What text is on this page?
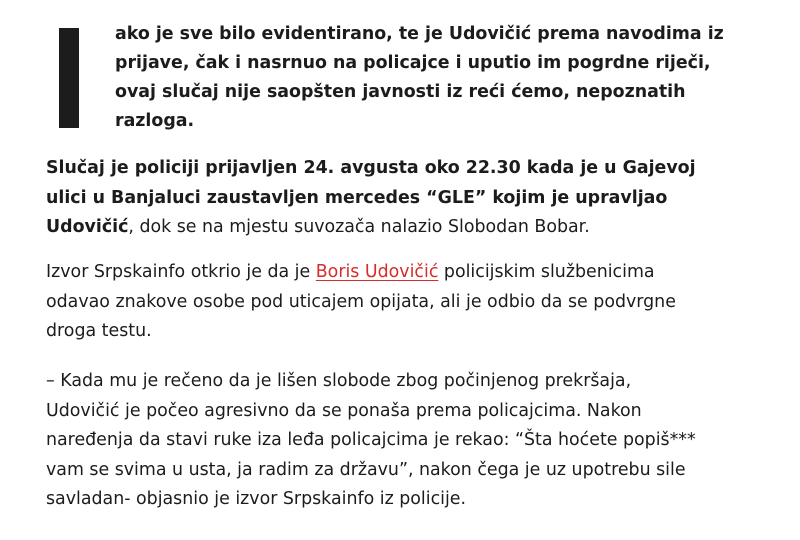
ako je sve bilo evidentirano, te je Udovičić prema navodima iz
prijave, čak i nasrnuo na policajce i uputio im pogrdne riječi,
ovaj slučaj nije saopšten javnosti iz reći ćemo, nepoznatih
razloga.

Slučaj je policiji prijavljen 24. avgusta oko 22.30 kada je u Gajevoj
ulici u Banjaluci zaustavljen mercedes “GLE” kojim je upravljao
Udovičić, dok se na mjestu suvozača nalazio Slobodan Bobar.

Izvor Srpskainfo otkrio je da je Boris Udovičić policijskim službenicima
odavao znakove osobe pod uticajem opijata, ali je odbio da se podvrgne
droga testu.

– Kada mu je rečeno da je lišen slobode zbog počinjenog prekršaja,
Udovičić je počeo agresivno da se ponaša prema policajcima. Nakon
naređenja da stavi ruke iza leđa policajcima je rekao: “Šta hoćete popiš***
vam se svima u usta, ja radim za državu”, nakon čega je uz upotrebu sile
savladan- objasnio je izvor Srpskainfo iz policije.
